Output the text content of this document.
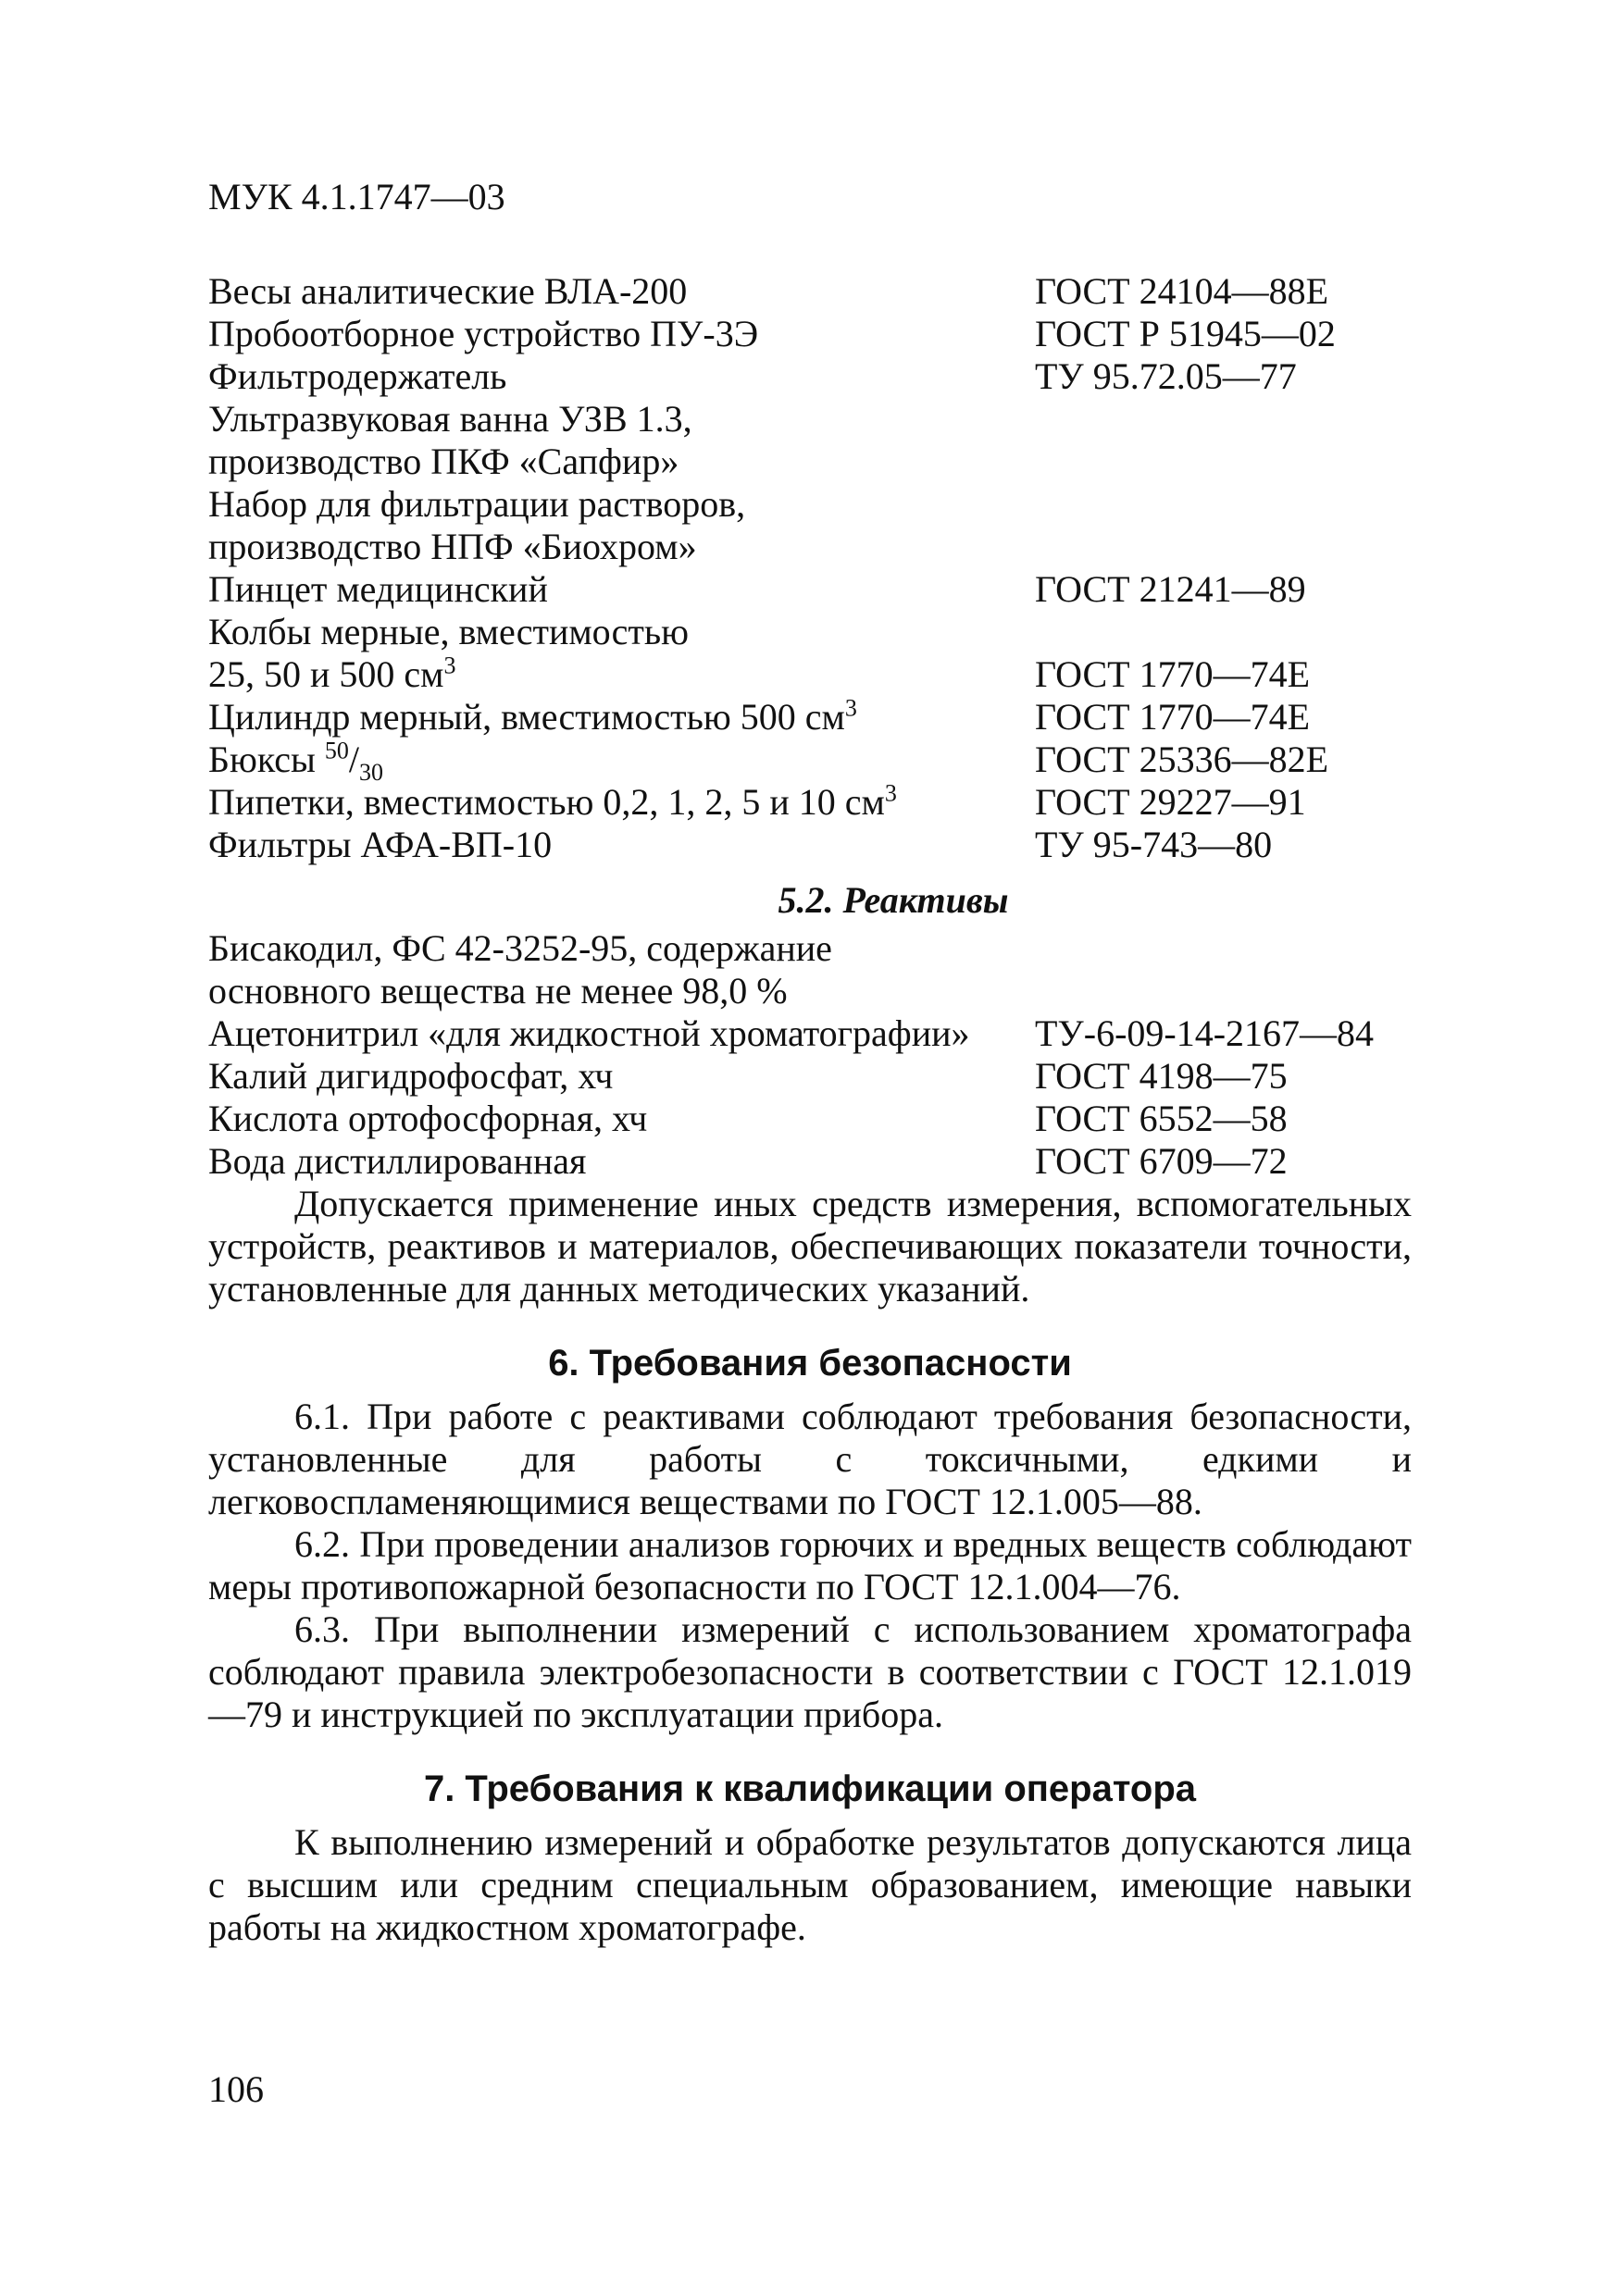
МУК 4.1.1747—03
Весы аналитические ВЛА-200	ГОСТ 24104—88Е
Пробоотборное устройство ПУ-3Э	ГОСТ Р 51945—02
Фильтродержатель	ТУ 95.72.05—77
Ультразвуковая ванна УЗВ 1.3,
производство ПКФ «Сапфир»
Набор для фильтрации растворов,
производство НПФ «Биохром»
Пинцет медицинский	ГОСТ 21241—89
Колбы мерные, вместимостью
25, 50 и 500 $см^3$	ГОСТ 1770—74Е
Цилиндр мерный, вместимостью 500 $см^3$	ГОСТ 1770—74Е
Бюксы $^{50}/_{30}$	ГОСТ 25336—82Е
Пипетки, вместимостью 0,2, 1, 2, 5 и 10 $см^3$	ГОСТ 29227—91
Фильтры АФА-ВП-10	ТУ 95-743—80
5.2. Реактивы
Бисакодил, ФС 42-3252-95, содержание
основного вещества не менее 98,0 %
Ацетонитрил «для жидкостной хроматографии»	ТУ-6-09-14-2167—84
Калий дигидрофосфат, хч	ГОСТ 4198—75
Кислота ортофосфорная, хч	ГОСТ 6552—58
Вода дистиллированная	ГОСТ 6709—72

Допускается применение иных средств измерения, вспомогательных устройств, реактивов и материалов, обеспечивающих показатели точности, установленные для данных методических указаний.

6. Требования безопасности

6.1. При работе с реактивами соблюдают требования безопасности, установленные для работы с токсичными, едкими и легковоспламеняющимися веществами по ГОСТ 12.1.005—88.

6.2. При проведении анализов горючих и вредных веществ соблюдают меры противопожарной безопасности по ГОСТ 12.1.004—76.

6.3. При выполнении измерений с использованием хроматографа соблюдают правила электробезопасности в соответствии с ГОСТ 12.1.019—79 и инструкцией по эксплуатации прибора.

7. Требования к квалификации оператора

К выполнению измерений и обработке результатов допускаются лица с высшим или средним специальным образованием, имеющие навыки работы на жидкостном хроматографе.

106
